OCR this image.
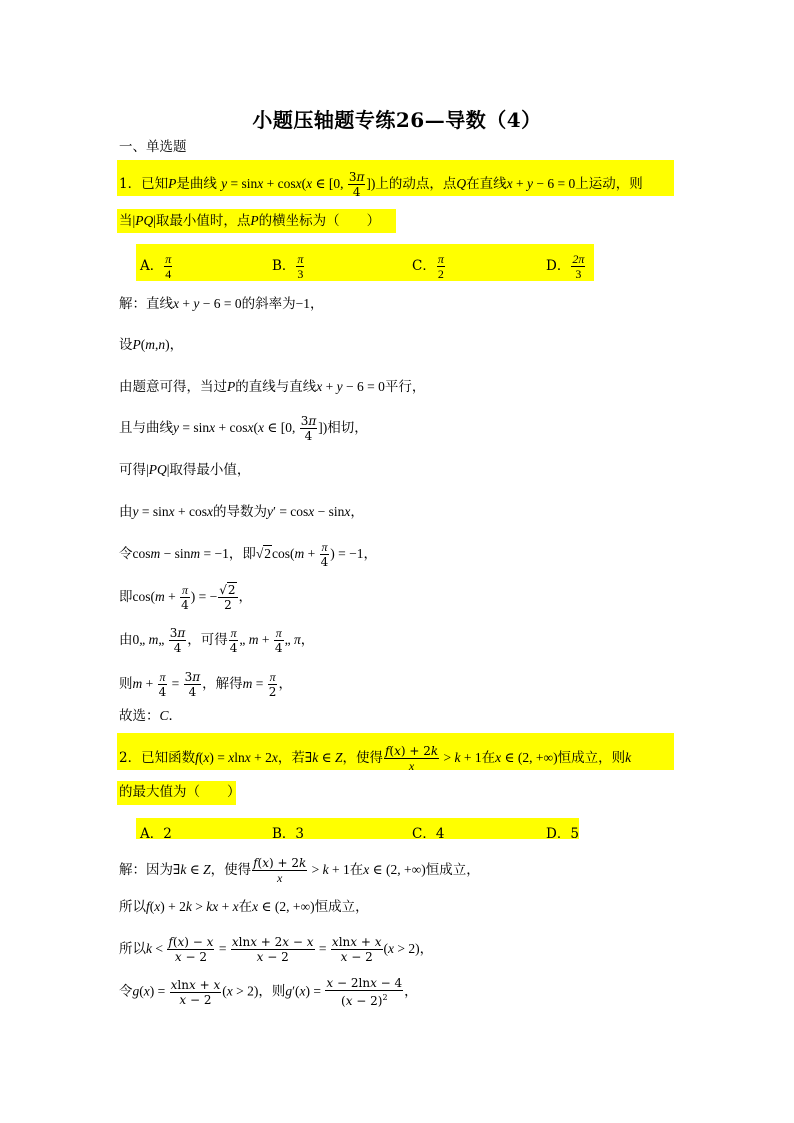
小题压轴题专练26—导数（4）
一、单选题
1．已知P是曲线 y = sinx + cosx(x ∈ [0, $\frac{3\pi}{4}$ ])上的动点，点Q在直线x + y − 6 = 0上运动，则
当|PQ|取最小值时，点P的横坐标为（　　）
A． $\frac{\pi}{4}$	B． $\frac{\pi}{3}$	C． $\frac{\pi}{2}$	D． $\frac{2\pi}{3}$
解：直线x + y − 6 = 0的斜率为−1，
设P(m,n)，
由题意可得，当过P的直线与直线x + y − 6 = 0平行，
且与曲线y = sinx + cosx(x ∈ [0, $\frac{3\pi}{4}$ ])相切，
可得|PQ|取得最小值，
由y = sinx + cosx的导数为y′ = cosx − sinx，
令cosm − sinm = −1，即$√2\cos(m + \frac{\pi}{4}$ ) = −1，
即$\cos(m + \frac{\pi}{4}$ ) = − $\frac{√2}{2}$ ，
由0„ m„ $\frac{3\pi}{4}$ ，可得 $\frac{\pi}{4}$ „ $m + \frac{\pi}{4}$ „ π，
则$m + \frac{\pi}{4} = \frac{3\pi}{4}$ ，解得$m = \frac{\pi}{2}$ ，
故选：C．
2．已知函数f(x) = xlnx + 2x，若∃k ∈ Z，使得 $\frac{f(x) + 2k}{x} > k + 1$在x ∈ (2, +∞)恒成立，则k
的最大值为（　　）
A．2	B．3	C．4	D．5
解：因为∃k ∈ Z，使得 $\frac{f(x) + 2k}{x} > k + 1$在x ∈ (2, +∞)恒成立，
所以f(x) + 2k > kx + x在x ∈ (2, +∞)恒成立，
所以$k < \frac{f(x) - x}{x - 2} = \frac{xlnx + 2x - x}{x - 2} = \frac{xlnx + x}{x - 2} (x > 2)$，
令$g(x) = \frac{xlnx + x}{x - 2} (x > 2)$，则$g'(x) = \frac{x - 2\ln x - 4}{(x - 2)^2}$ ，
